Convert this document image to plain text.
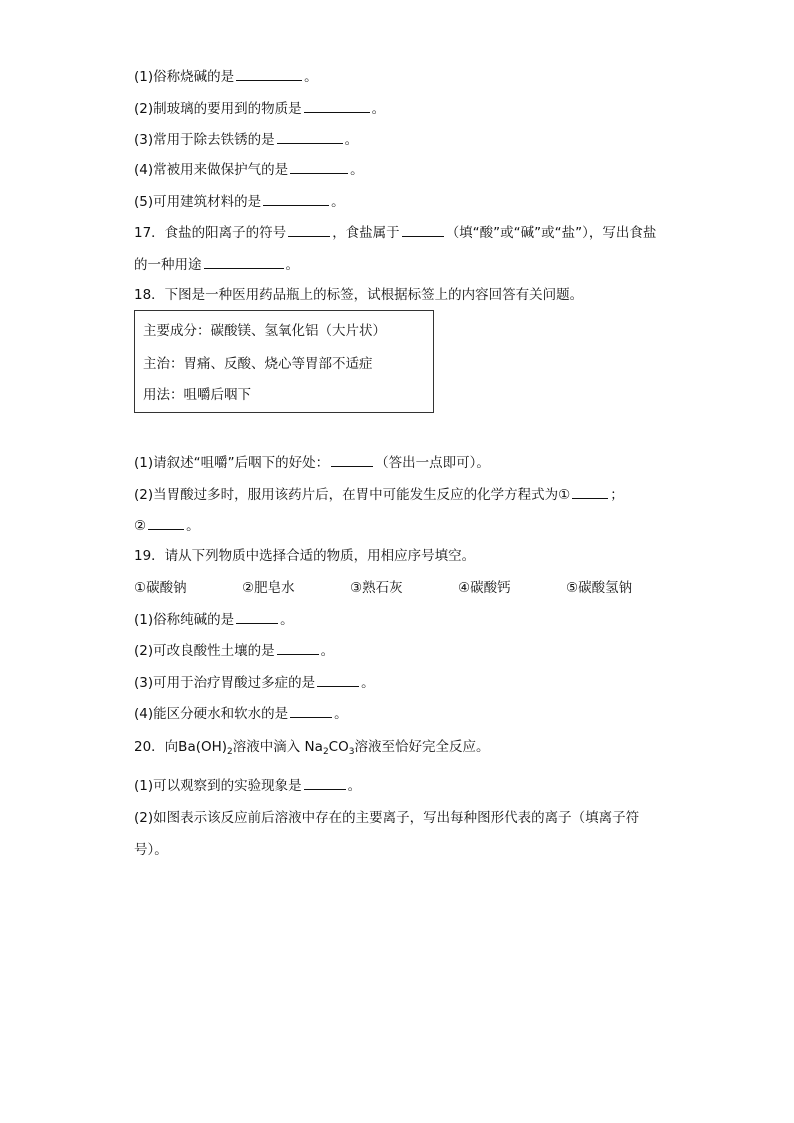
(1)俗称烧碱的是	。
(2)制玻璃的要用到的物质是	。
(3)常用于除去铁锈的是	。
(4)常被用来做保护气的是	。
(5)可用建筑材料的是	。
17．食盐的阳离子的符号	，食盐属于	（填“酸”或“碱”或“盐”），写出食盐
的一种用途	。
18．下图是一种医用药品瓶上的标签，试根据标签上的内容回答有关问题。
主要成分：碳酸镁、氢氧化铝（大片状）
主治：胃痛、反酸、烧心等胃部不适症
用法：咀嚼后咽下
(1)请叙述“咀嚼”后咽下的好处：	（答出一点即可）。
(2)当胃酸过多时，服用该药片后，在胃中可能发生反应的化学方程式为①	；
②	。
19．请从下列物质中选择合适的物质，用相应序号填空。
①碳酸钠	②肥皂水	③熟石灰	④碳酸钙	⑤碳酸氢钠
(1)俗称纯碱的是	。
(2)可改良酸性土壤的是	。
(3)可用于治疗胃酸过多症的是	。
(4)能区分硬水和软水的是	。
20．向$Ba(OH)_2$溶液中滴入 $Na_2CO_3$溶液至恰好完全反应。
(1)可以观察到的实验现象是	。
(2)如图表示该反应前后溶液中存在的主要离子，写出每种图形代表的离子（填离子符
号）。
